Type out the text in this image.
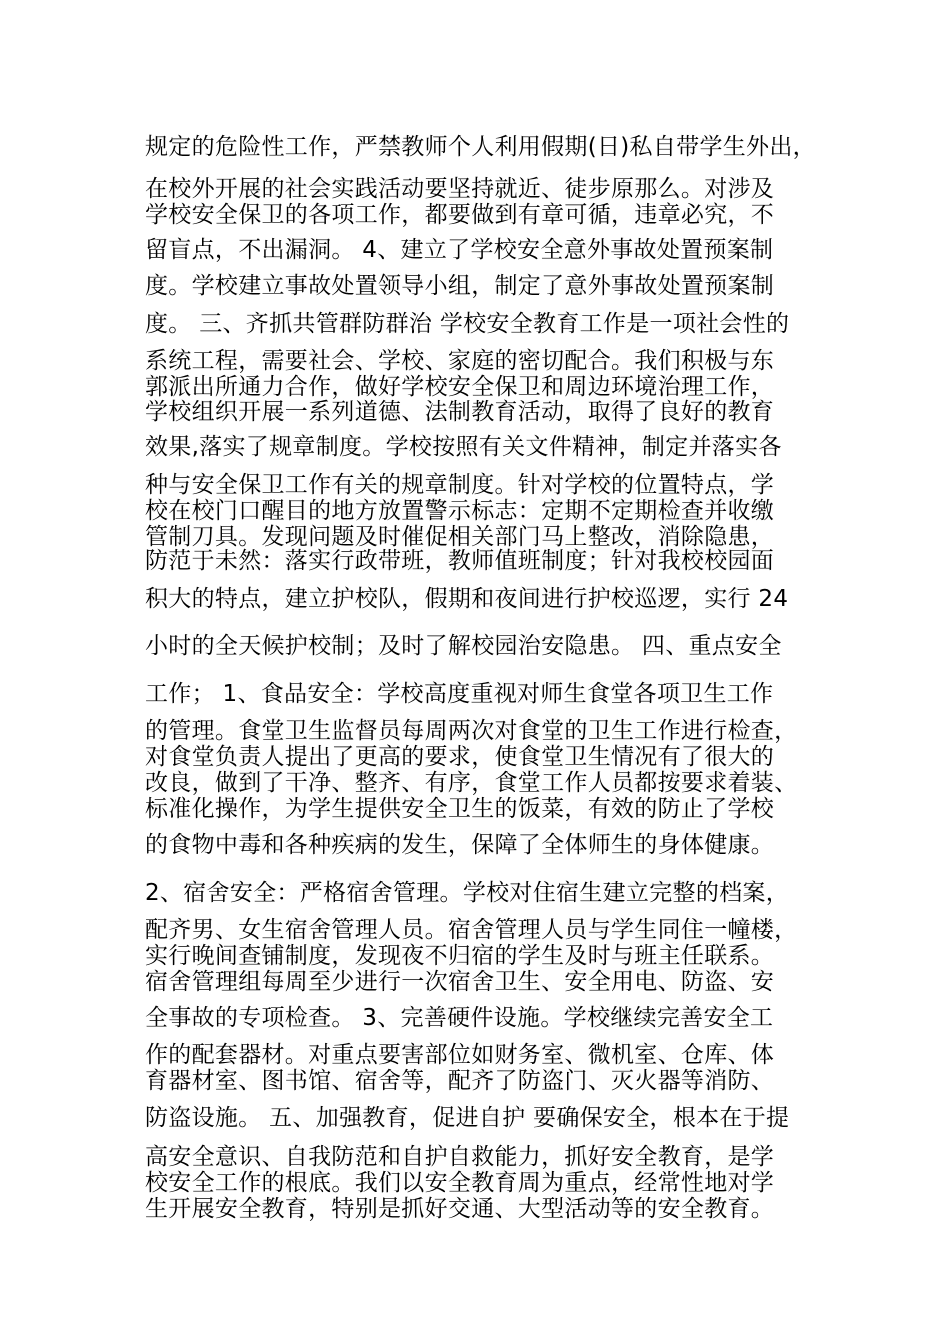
规定的危险性工作，严禁教师个人利用假期(日)私自带学生外出，
在校外开展的社会实践活动要坚持就近、徒步原那么。对涉及
学校安全保卫的各项工作，都要做到有章可循，违章必究，不
留盲点，不出漏洞。 4、建立了学校安全意外事故处置预案制
度。学校建立事故处置领导小组，制定了意外事故处置预案制
度。 三、齐抓共管群防群治 学校安全教育工作是一项社会性的
系统工程，需要社会、学校、家庭的密切配合。我们积极与东
郭派出所通力合作，做好学校安全保卫和周边环境治理工作，
学校组织开展一系列道德、法制教育活动，取得了良好的教育
效果,落实了规章制度。学校按照有关文件精神，制定并落实各
种与安全保卫工作有关的规章制度。针对学校的位置特点，学
校在校门口醒目的地方放置警示标志：定期不定期检查并收缴
管制刀具。发现问题及时催促相关部门马上整改，消除隐患，
防范于未然：落实行政带班，教师值班制度；针对我校校园面
积大的特点，建立护校队，假期和夜间进行护校巡逻，实行 24
小时的全天候护校制；及时了解校园治安隐患。 四、重点安全
工作； 1、食品安全：学校高度重视对师生食堂各项卫生工作
的管理。食堂卫生监督员每周两次对食堂的卫生工作进行检查，
对食堂负责人提出了更高的要求，使食堂卫生情况有了很大的
改良，做到了干净、整齐、有序，食堂工作人员都按要求着装、
标准化操作，为学生提供安全卫生的饭菜，有效的防止了学校
的食物中毒和各种疾病的发生，保障了全体师生的身体健康。
2、宿舍安全：严格宿舍管理。学校对住宿生建立完整的档案，
配齐男、女生宿舍管理人员。宿舍管理人员与学生同住一幢楼，
实行晚间查铺制度，发现夜不归宿的学生及时与班主任联系。
宿舍管理组每周至少进行一次宿舍卫生、安全用电、防盗、安
全事故的专项检查。 3、完善硬件设施。学校继续完善安全工
作的配套器材。对重点要害部位如财务室、微机室、仓库、体
育器材室、图书馆、宿舍等，配齐了防盗门、灭火器等消防、
防盗设施。 五、加强教育，促进自护 要确保安全，根本在于提
高安全意识、自我防范和自护自救能力，抓好安全教育，是学
校安全工作的根底。我们以安全教育周为重点，经常性地对学
生开展安全教育，特别是抓好交通、大型活动等的安全教育。
